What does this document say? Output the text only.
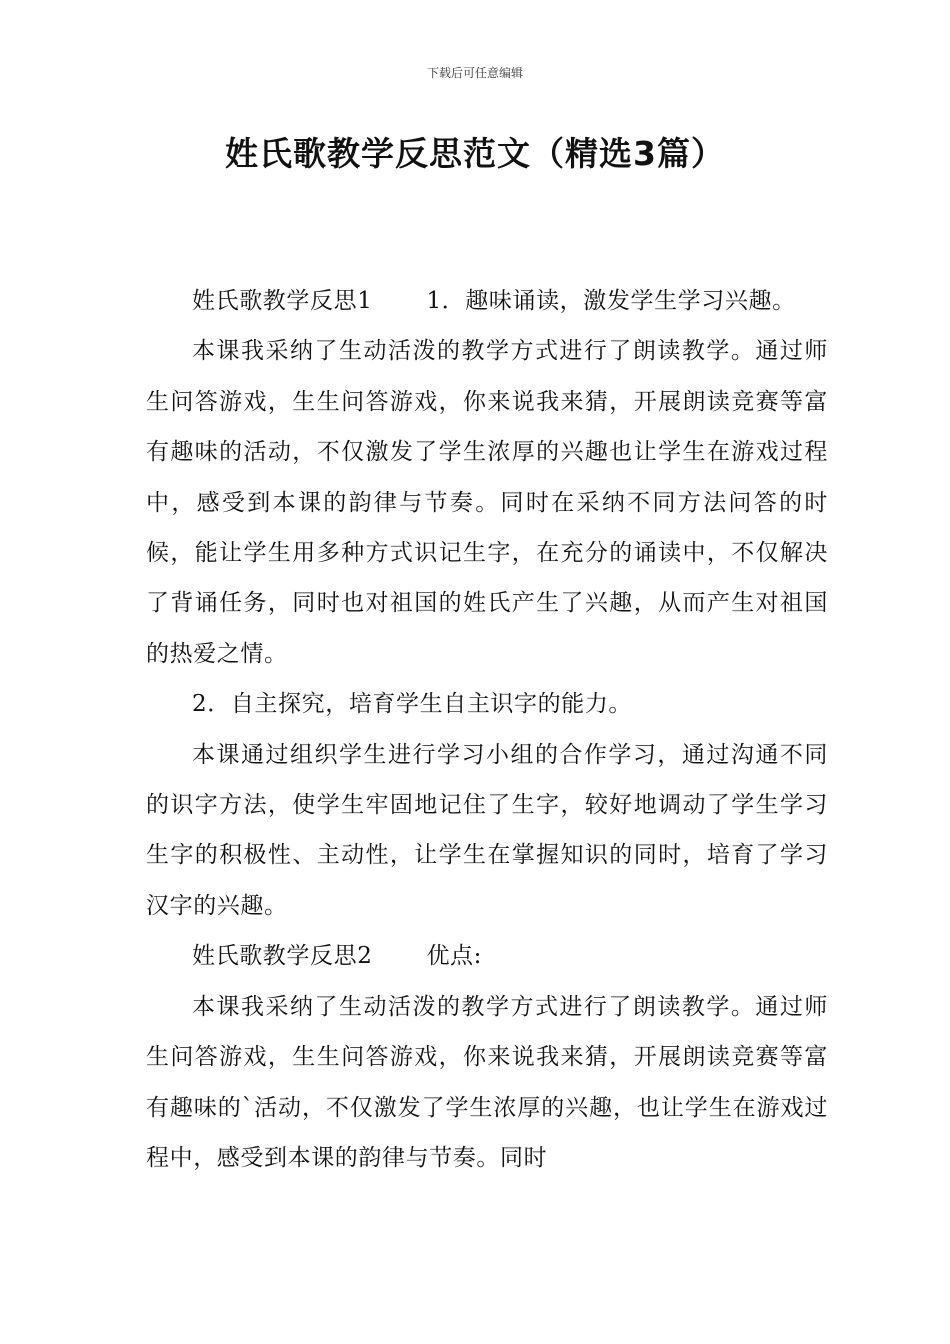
下载后可任意编辑
姓氏歌教学反思范文（精选3篇）

姓氏歌教学反思1 1．趣味诵读，激发学生学习兴趣。

本课我采纳了生动活泼的教学方式进行了朗读教学。通过师生问答游戏，生生问答游戏，你来说我来猜，开展朗读竞赛等富有趣味的活动，不仅激发了学生浓厚的兴趣也让学生在游戏过程中，感受到本课的韵律与节奏。同时在采纳不同方法问答的时候，能让学生用多种方式识记生字，在充分的诵读中，不仅解决了背诵任务，同时也对祖国的姓氏产生了兴趣，从而产生对祖国的热爱之情。

2．自主探究，培育学生自主识字的能力。

本课通过组织学生进行学习小组的合作学习，通过沟通不同的识字方法，使学生牢固地记住了生字，较好地调动了学生学习生字的积极性、主动性，让学生在掌握知识的同时，培育了学习汉字的兴趣。

姓氏歌教学反思2 优点:

本课我采纳了生动活泼的教学方式进行了朗读教学。通过师生问答游戏，生生问答游戏，你来说我来猜，开展朗读竞赛等富有趣味的`活动，不仅激发了学生浓厚的兴趣，也让学生在游戏过程中，感受到本课的韵律与节奏。同时
